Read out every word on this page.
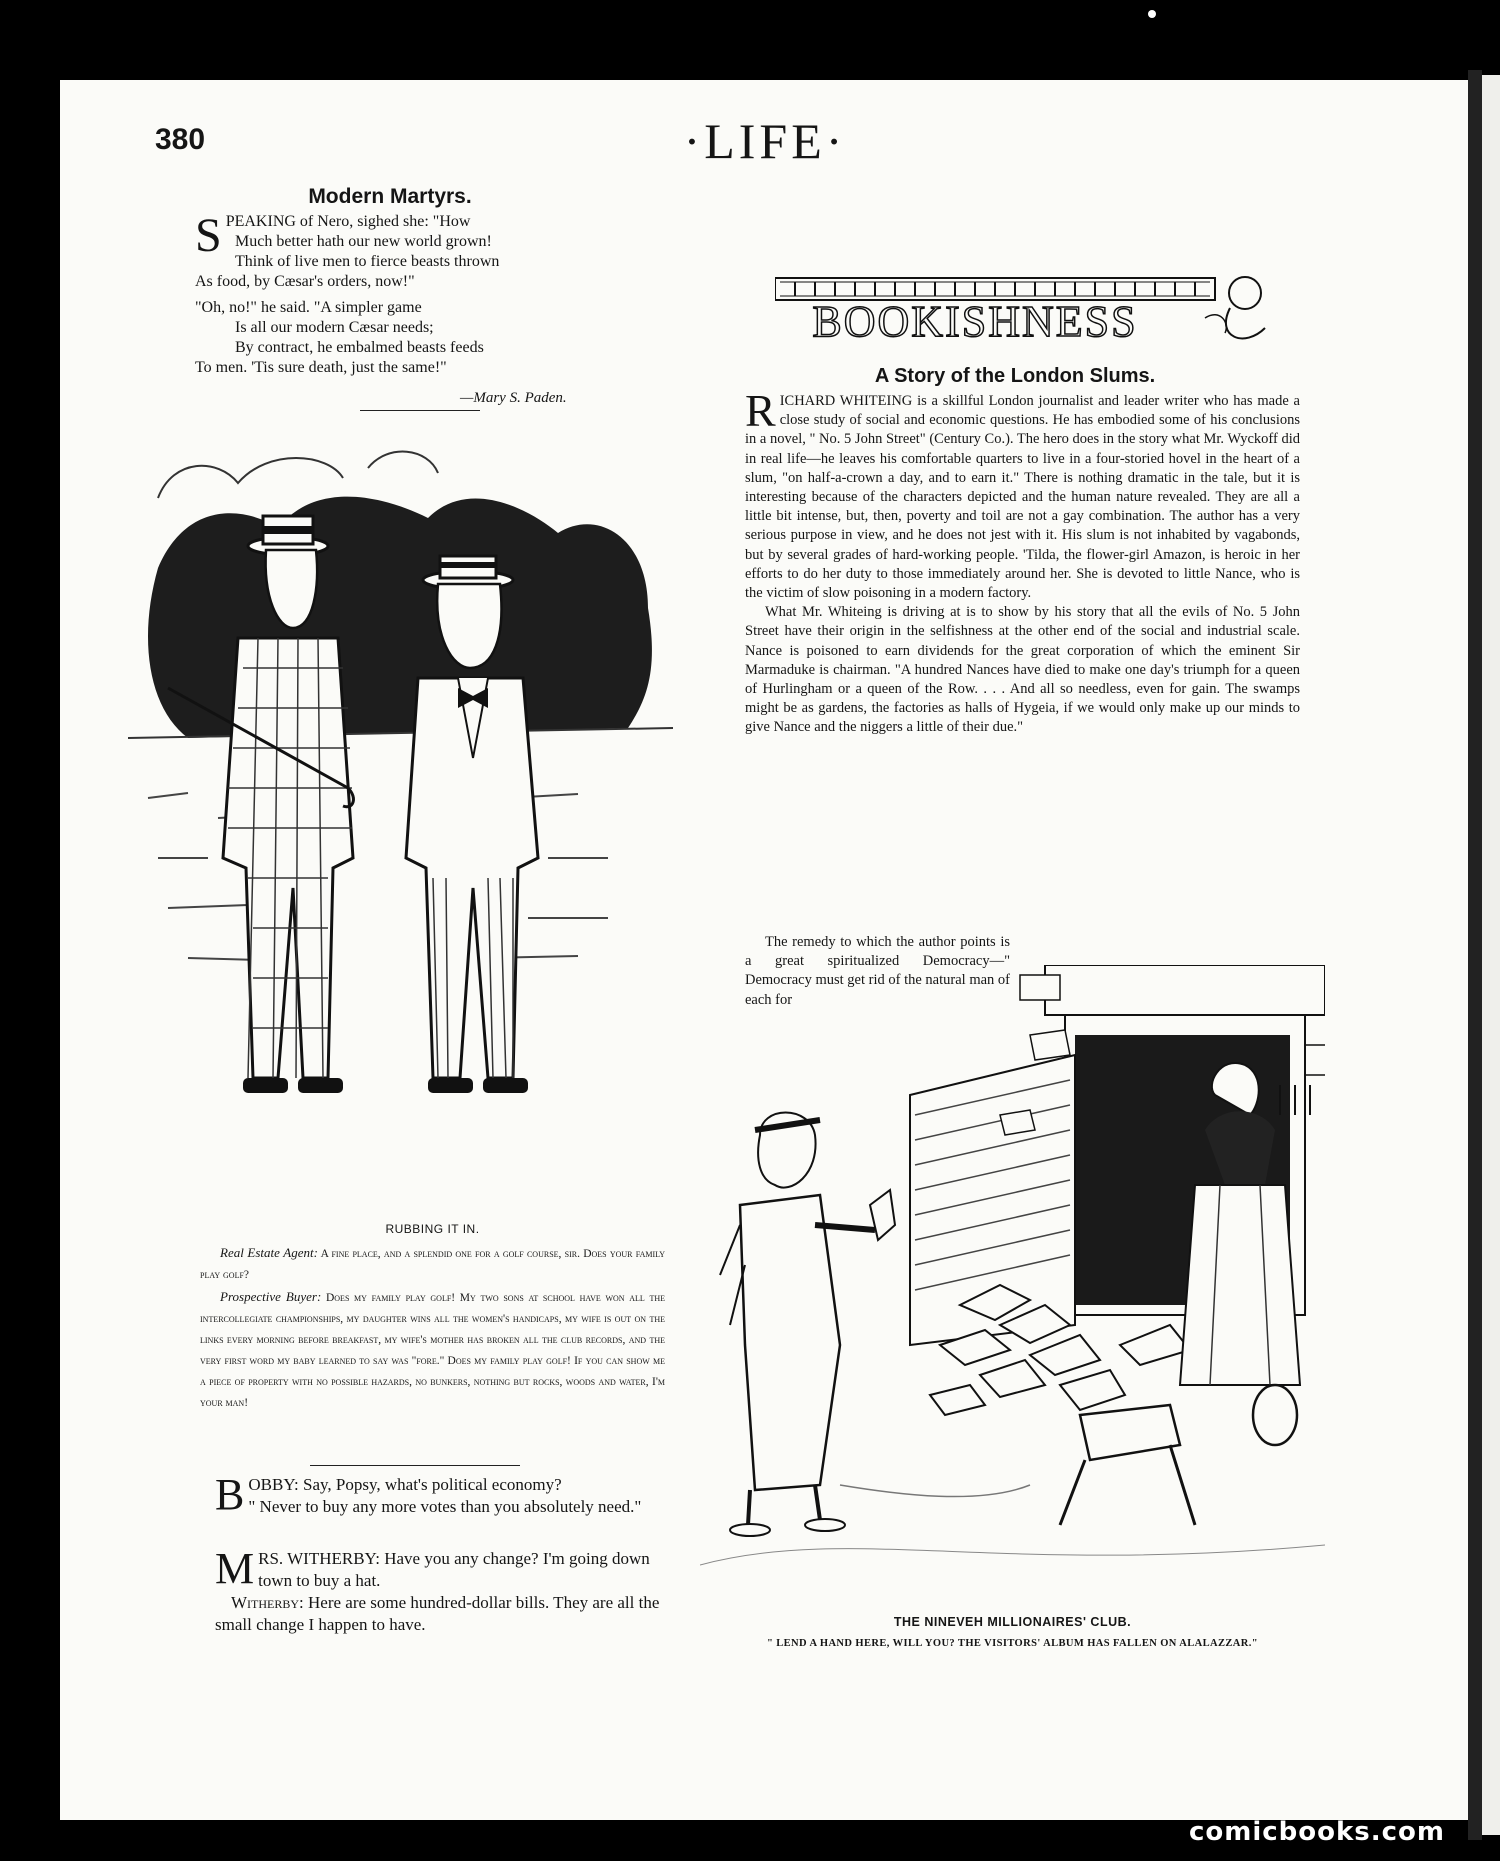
380	·LIFE·
Modern Martyrs.
S PEAKING of Nero, sighed she: "How
Much better hath our new world grown!
Think of live men to fierce beasts thrown
As food, by Cæsar's orders, now!"
"Oh, no!" he said. "A simpler game
Is all our modern Cæsar needs;
By contract, he embalmed beasts feeds
To men. 'Tis sure death, just the same!"
—Mary S. Paden.
RUBBING IT IN.
Real Estate Agent: A fine place, and a splendid one for a golf course, sir. Does your family play golf?
Prospective Buyer: Does my family play golf! My two sons at school have won all the intercollegiate championships, my daughter wins all the women's handicaps, my wife is out on the links every morning before breakfast, my wife's mother has broken all the club records, and the very first word my baby learned to say was "fore." Does my family play golf! If you can show me a piece of property with no possible hazards, no bunkers, nothing but rocks, woods and water, I'm your man!
B OBBY: Say, Popsy, what's political economy?
" Never to buy any more votes than you absolutely need."
M RS. WITHERBY: Have you any change? I'm going down town to buy a hat.
Witherby: Here are some hundred-dollar bills. They are all the small change I happen to have.
BOOKISHNESS
A Story of the London Slums.

RICHARD WHITEING is a skillful London journalist and leader writer who has made a close study of social and economic questions. He has embodied some of his conclusions in a novel, " No. 5 John Street" (Century Co.). The hero does in the story what Mr. Wyckoff did in real life—he leaves his comfortable quarters to live in a four-storied hovel in the heart of a slum, "on half-a-crown a day, and to earn it." There is nothing dramatic in the tale, but it is interesting because of the characters depicted and the human nature revealed. They are all a little bit intense, but, then, poverty and toil are not a gay combination. The author has a very serious purpose in view, and he does not jest with it. His slum is not inhabited by vagabonds, but by several grades of hard-working people. 'Tilda, the flower-girl Amazon, is heroic in her efforts to do her duty to those immediately around her. She is devoted to little Nance, who is the victim of slow poisoning in a modern factory.

What Mr. Whiteing is driving at is to show by his story that all the evils of No. 5 John Street have their origin in the selfishness at the other end of the social and industrial scale. Nance is poisoned to earn dividends for the great corporation of which the eminent Sir Marmaduke is chairman. "A hundred Nances have died to make one day's triumph for a queen of Hurlingham or a queen of the Row. . . . And all so needless, even for gain. The swamps might be as gardens, the factories as halls of Hygeia, if we would only make up our minds to give Nance and the niggers a little of their due."

The remedy to which the author points is a great spiritualized Democracy—" Democracy must get rid of the natural man of each for

THE NINEVEH MILLIONAIRES' CLUB.
" LEND A HAND HERE, WILL YOU? THE VISITORS' ALBUM HAS FALLEN ON ALALAZZAR."
comicbooks.com
